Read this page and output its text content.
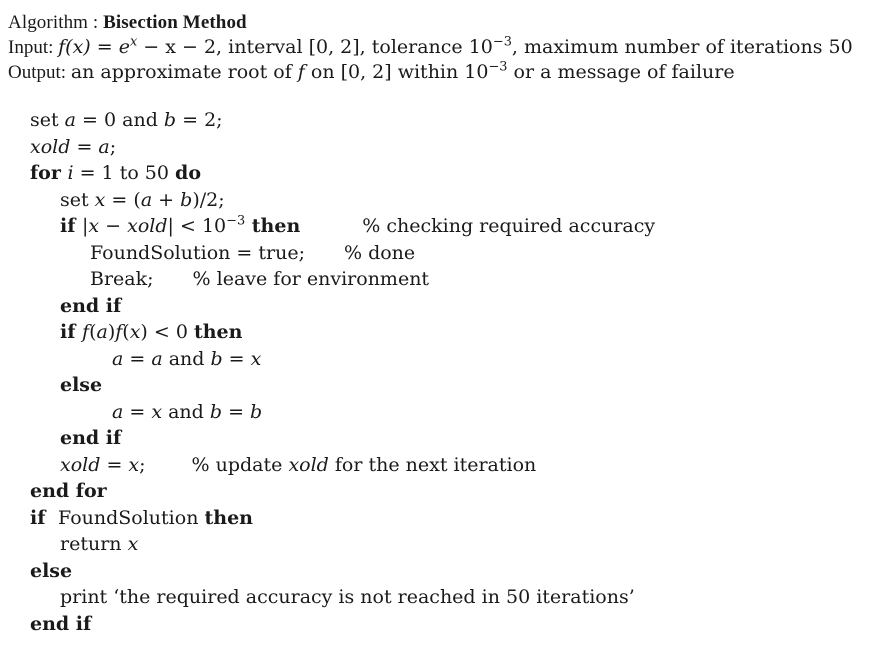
Algorithm : Bisection Method
Input: $f(x) = e^x - x - 2$, interval [0, 2], tolerance $10^{-3}$, maximum number of iterations 50
Output: an approximate root of f on [0, 2] within $10^{-3}$ or a message of failure
set a = 0 and b = 2;
xold = a;
for i = 1 to 50 do
set x = (a + b)/2;
if |x − xold| < $10^{-3}$ then	% checking required accuracy
FoundSolution = true; % done
Break; % leave for environment
end if
if f(a)f(x) < 0 then
a = a and b = x
else
a = x and b = b
end if
xold = x; % update xold for the next iteration
end for
if  FoundSolution then
return x
else
print ‘the required accuracy is not reached in 50 iterations’
end if
